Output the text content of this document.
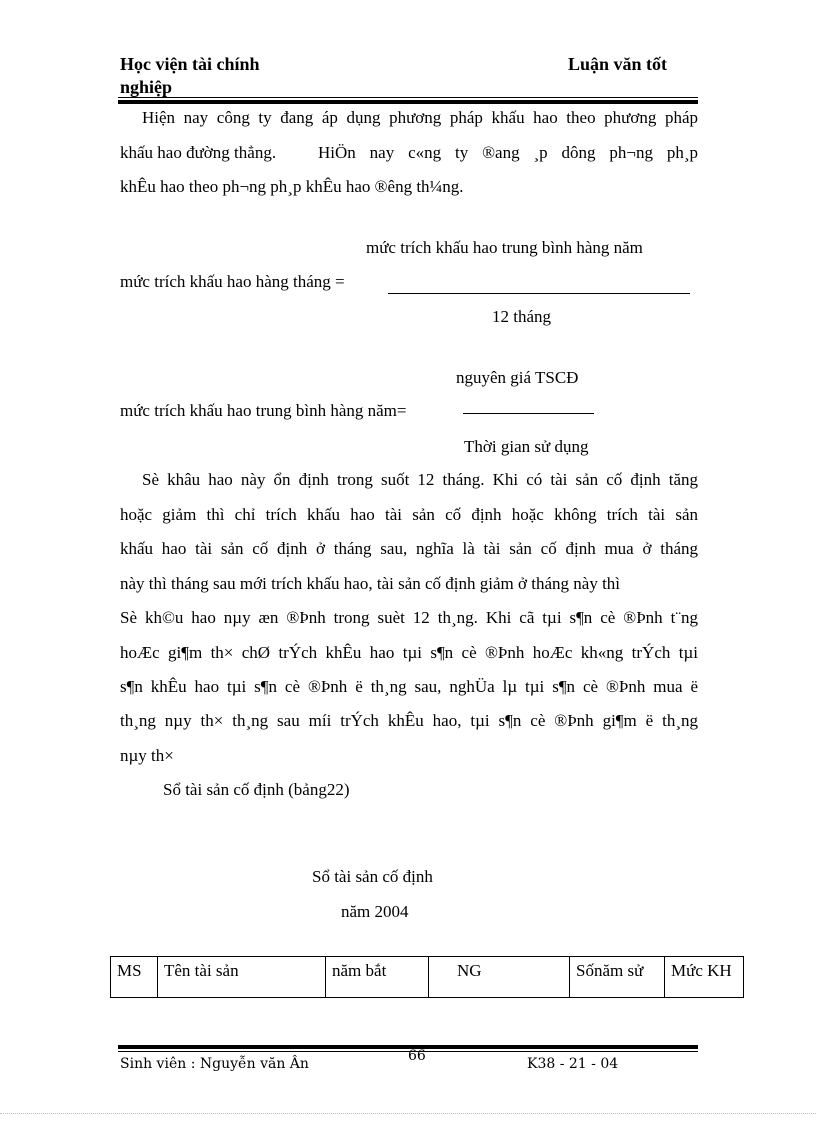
Học viện tài chính	Luận văn tốt
nghiệp
Hiện nay công ty đang áp dụng phương pháp khấu hao theo phương pháp
khấu hao đường thẳng. HiÖn nay c«ng ty ®ang ¸p dông ph¬ng ph¸p
khÊu hao theo ph¬ng ph¸p khÊu hao ®êng th¼ng.
mức trích khấu hao trung bình hàng năm
mức trích khấu hao hàng tháng =
12 tháng
nguyên giá TSCĐ
mức trích khấu hao trung bình hàng năm=
Thời gian sử dụng
Sè khâu hao này ổn định trong suốt 12 tháng. Khi có tài sản cố định tăng
hoặc giảm thì chỉ trích khấu hao tài sản cố định hoặc không trích tài sản
khấu hao tài sản cố định ở tháng sau, nghĩa là tài sản cố định mua ở tháng
này thì tháng sau mới trích khấu hao, tài sản cố định giảm ở tháng này thì
Sè kh©u hao nµy æn ®Þnh trong suèt 12 th¸ng. Khi cã tµi s¶n cè ®Þnh t¨ng
hoÆc gi¶m th× chØ trÝch khÊu hao tµi s¶n cè ®Þnh hoÆc kh«ng trÝch tµi
s¶n khÊu hao tµi s¶n cè ®Þnh ë th¸ng sau, nghÜa lµ tµi s¶n cè ®Þnh mua ë
th¸ng nµy th× th¸ng sau míi trÝch khÊu hao, tµi s¶n cè ®Þnh gi¶m ë th¸ng
nµy th×
Sổ tài sản cố định (bảng22)
Sổ tài sản cố định
năm 2004
MS	Tên tài sản	năm bắt	NG	Sốnăm sử	Mức KH
Sinh viên : Nguyễn văn Ân	66	K38 - 21 - 04
